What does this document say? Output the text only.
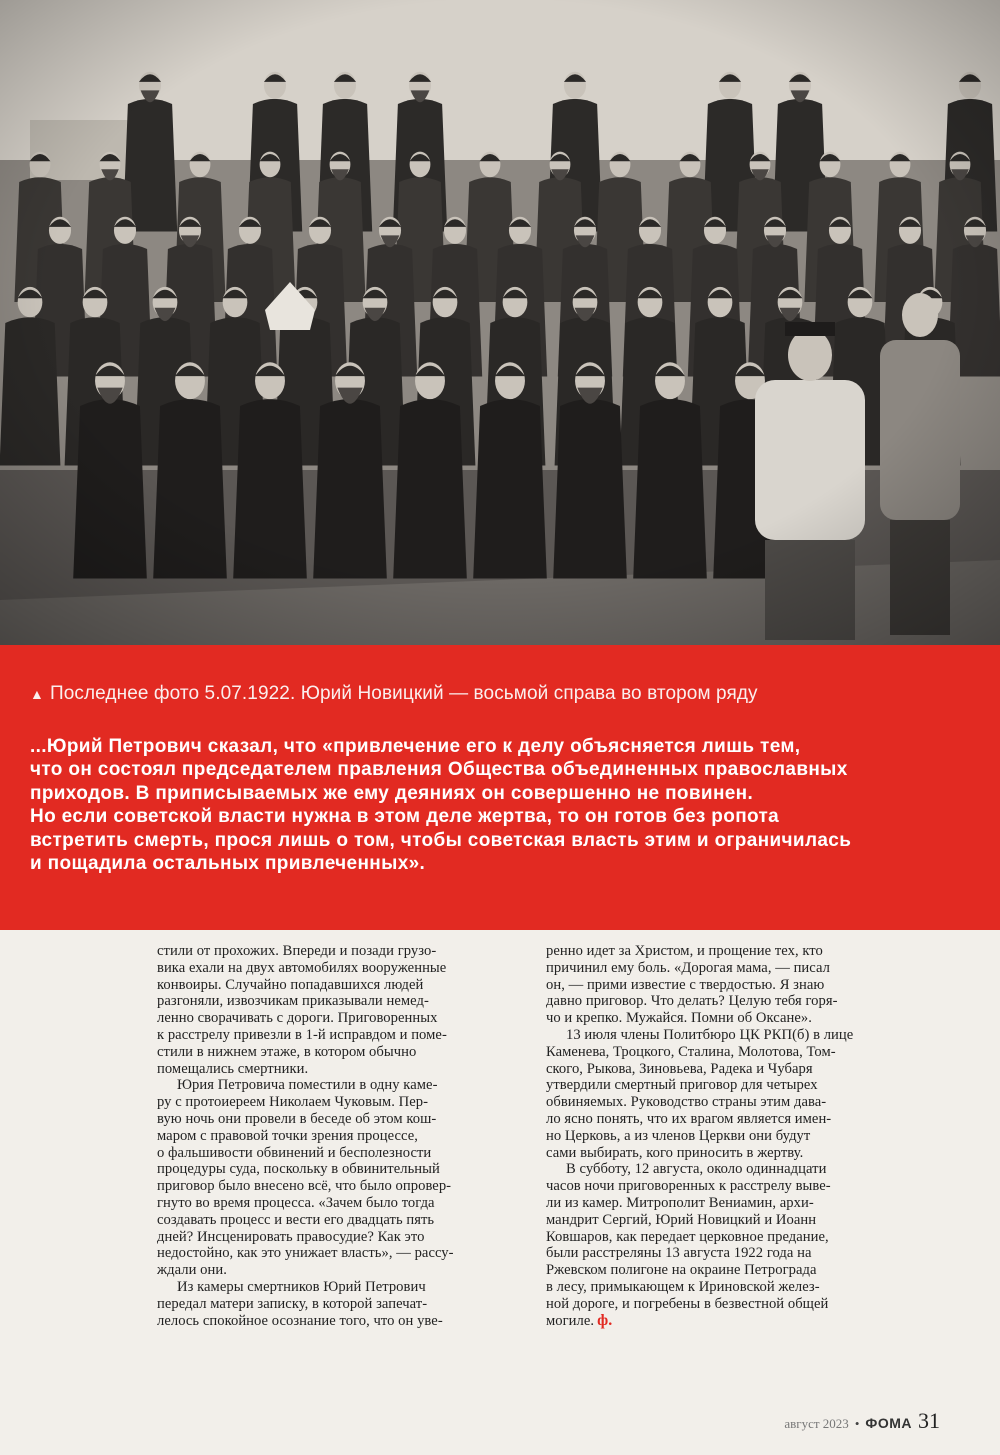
▲ Последнее фото 5.07.1922. Юрий Новицкий — восьмой справа во втором ряду
...Юрий Петрович сказал, что «привлечение его к делу объясняется лишь тем,
что он состоял председателем правления Общества объединенных православных
приходов. В приписываемых же ему деяниях он совершенно не повинен.
Но если советской власти нужна в этом деле жертва, то он готов без ропота
встретить смерть, прося лишь о том, чтобы советская власть этим и ограничилась
и пощадила остальных привлеченных».
стили от прохожих. Впереди и позади грузо-
вика ехали на двух автомобилях вооруженные
конвоиры. Случайно попадавшихся людей
разгоняли, извозчикам приказывали немед-
ленно сворачивать с дороги. Приговоренных
к расстрелу привезли в 1-й исправдом и поме-
стили в нижнем этаже, в котором обычно
помещались смертники.
Юрия Петровича поместили в одну каме-
ру с протоиереем Николаем Чуковым. Пер-
вую ночь они провели в беседе об этом кош-
маром с правовой точки зрения процессе,
о фальшивости обвинений и бесполезности
процедуры суда, поскольку в обвинительный
приговор было внесено всё, что было опровер-
гнуто во время процесса. «Зачем было тогда
создавать процесс и вести его двадцать пять
дней? Инсценировать правосудие? Как это
недостойно, как это унижает власть», — рассу-
ждали они.
Из камеры смертников Юрий Петрович
передал матери записку, в которой запечат-
лелось спокойное осознание того, что он уве-
ренно идет за Христом, и прощение тех, кто
причинил ему боль. «Дорогая мама, — писал
он, — прими известие с твердостью. Я знаю
давно приговор. Что делать? Целую тебя горя-
чо и крепко. Мужайся. Помни об Оксане».
13 июля члены Политбюро ЦК РКП(б) в лице
Каменева, Троцкого, Сталина, Молотова, Том-
ского, Рыкова, Зиновьева, Радека и Чубаря
утвердили смертный приговор для четырех
обвиняемых. Руководство страны этим дава-
ло ясно понять, что их врагом является имен-
но Церковь, а из членов Церкви они будут
сами выбирать, кого приносить в жертву.
В субботу, 12 августа, около одиннадцати
часов ночи приговоренных к расстрелу выве-
ли из камер. Митрополит Вениамин, архи-
мандрит Сергий, Юрий Новицкий и Иоанн
Ковшаров, как передает церковное предание,
были расстреляны 13 августа 1922 года на
Ржевском полигоне на окраине Петрограда
в лесу, примыкающем к Ириновской желез-
ной дороге, и погребены в безвестной общей
могиле. ф.
август 2023 • ФОМА 31
